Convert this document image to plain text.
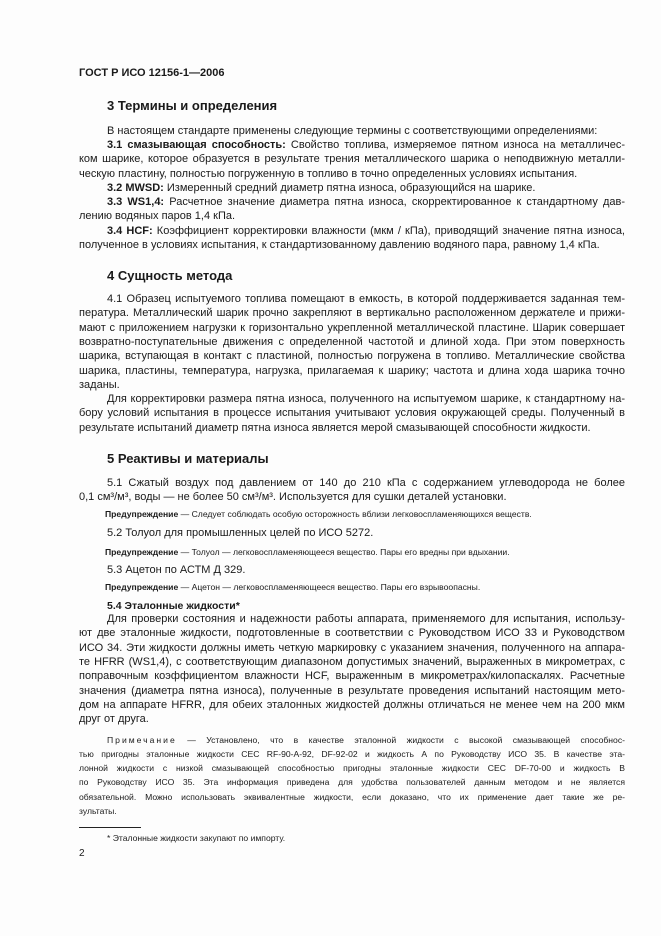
ГОСТ Р ИСО 12156-1—2006
3 Термины и определения
В настоящем стандарте применены следующие термины с соответствующими определениями:
3.1 смазывающая способность: Свойство топлива, измеряемое пятном износа на металличес-
ком шарике, которое образуется в результате трения металлического шарика о неподвижную металли-
ческую пластину, полностью погруженную в топливо в точно определенных условиях испытания.
3.2 MWSD: Измеренный средний диаметр пятна износа, образующийся на шарике.
3.3 WS1,4: Расчетное значение диаметра пятна износа, скорректированное к стандартному дав-
лению водяных паров 1,4 кПа.
3.4 HCF: Коэффициент корректировки влажности (мкм / кПа), приводящий значение пятна износа,
полученное в условиях испытания, к стандартизованному давлению водяного пара, равному 1,4 кПа.
4 Сущность метода
4.1 Образец испытуемого топлива помещают в емкость, в которой поддерживается заданная тем-
пература. Металлический шарик прочно закрепляют в вертикально расположенном держателе и прижи-
мают с приложением нагрузки к горизонтально укрепленной металлической пластине. Шарик совершает
возвратно-поступательные движения с определенной частотой и длиной хода. При этом поверхность
шарика, вступающая в контакт с пластиной, полностью погружена в топливо. Металлические свойства
шарика, пластины, температура, нагрузка, прилагаемая к шарику; частота и длина хода шарика точно
заданы.
Для корректировки размера пятна износа, полученного на испытуемом шарике, к стандартному на-
бору условий испытания в процессе испытания учитывают условия окружающей среды. Полученный в
результате испытаний диаметр пятна износа является мерой смазывающей способности жидкости.
5 Реактивы и материалы
5.1 Сжатый воздух под давлением от 140 до 210 кПа с содержанием углеводорода не более
0,1 см³/м³, воды — не более 50 см³/м³. Используется для сушки деталей установки.
Предупреждение — Следует соблюдать особую осторожность вблизи легковоспламеняющихся веществ.
5.2 Толуол для промышленных целей по ИСО 5272.
Предупреждение — Толуол — легковоспламеняющееся вещество. Пары его вредны при вдыхании.
5.3 Ацетон по АСТМ Д 329.
Предупреждение — Ацетон — легковоспламеняющееся вещество. Пары его взрывоопасны.
5.4 Эталонные жидкости*
Для проверки состояния и надежности работы аппарата, применяемого для испытания, использу-
ют две эталонные жидкости, подготовленные в соответствии с Руководством ИСО 33 и Руководством
ИСО 34. Эти жидкости должны иметь четкую маркировку с указанием значения, полученного на аппара-
те HFRR (WS1,4), с соответствующим диапазоном допустимых значений, выраженных в микрометрах, с
поправочным коэффициентом влажности HCF, выраженным в микрометрах/килопаскалях. Расчетные
значения (диаметра пятна износа), полученные в результате проведения испытаний настоящим мето-
дом на аппарате HFRR, для обеих эталонных жидкостей должны отличаться не менее чем на 200 мкм
друг от друга.
Примечание — Установлено, что в качестве эталонной жидкости с высокой смазывающей способнос-
тью пригодны эталонные жидкости CEC RF-90-A-92, DF-92-02 и жидкость А по Руководству ИСО 35. В качестве эта-
лонной жидкости с низкой смазывающей способностью пригодны эталонные жидкости CEC DF-70-00 и жидкость В
по Руководству ИСО 35. Эта информация приведена для удобства пользователей данным методом и не является
обязательной. Можно использовать эквивалентные жидкости, если доказано, что их применение дает такие же ре-
зультаты.
* Эталонные жидкости закупают по импорту.
2
